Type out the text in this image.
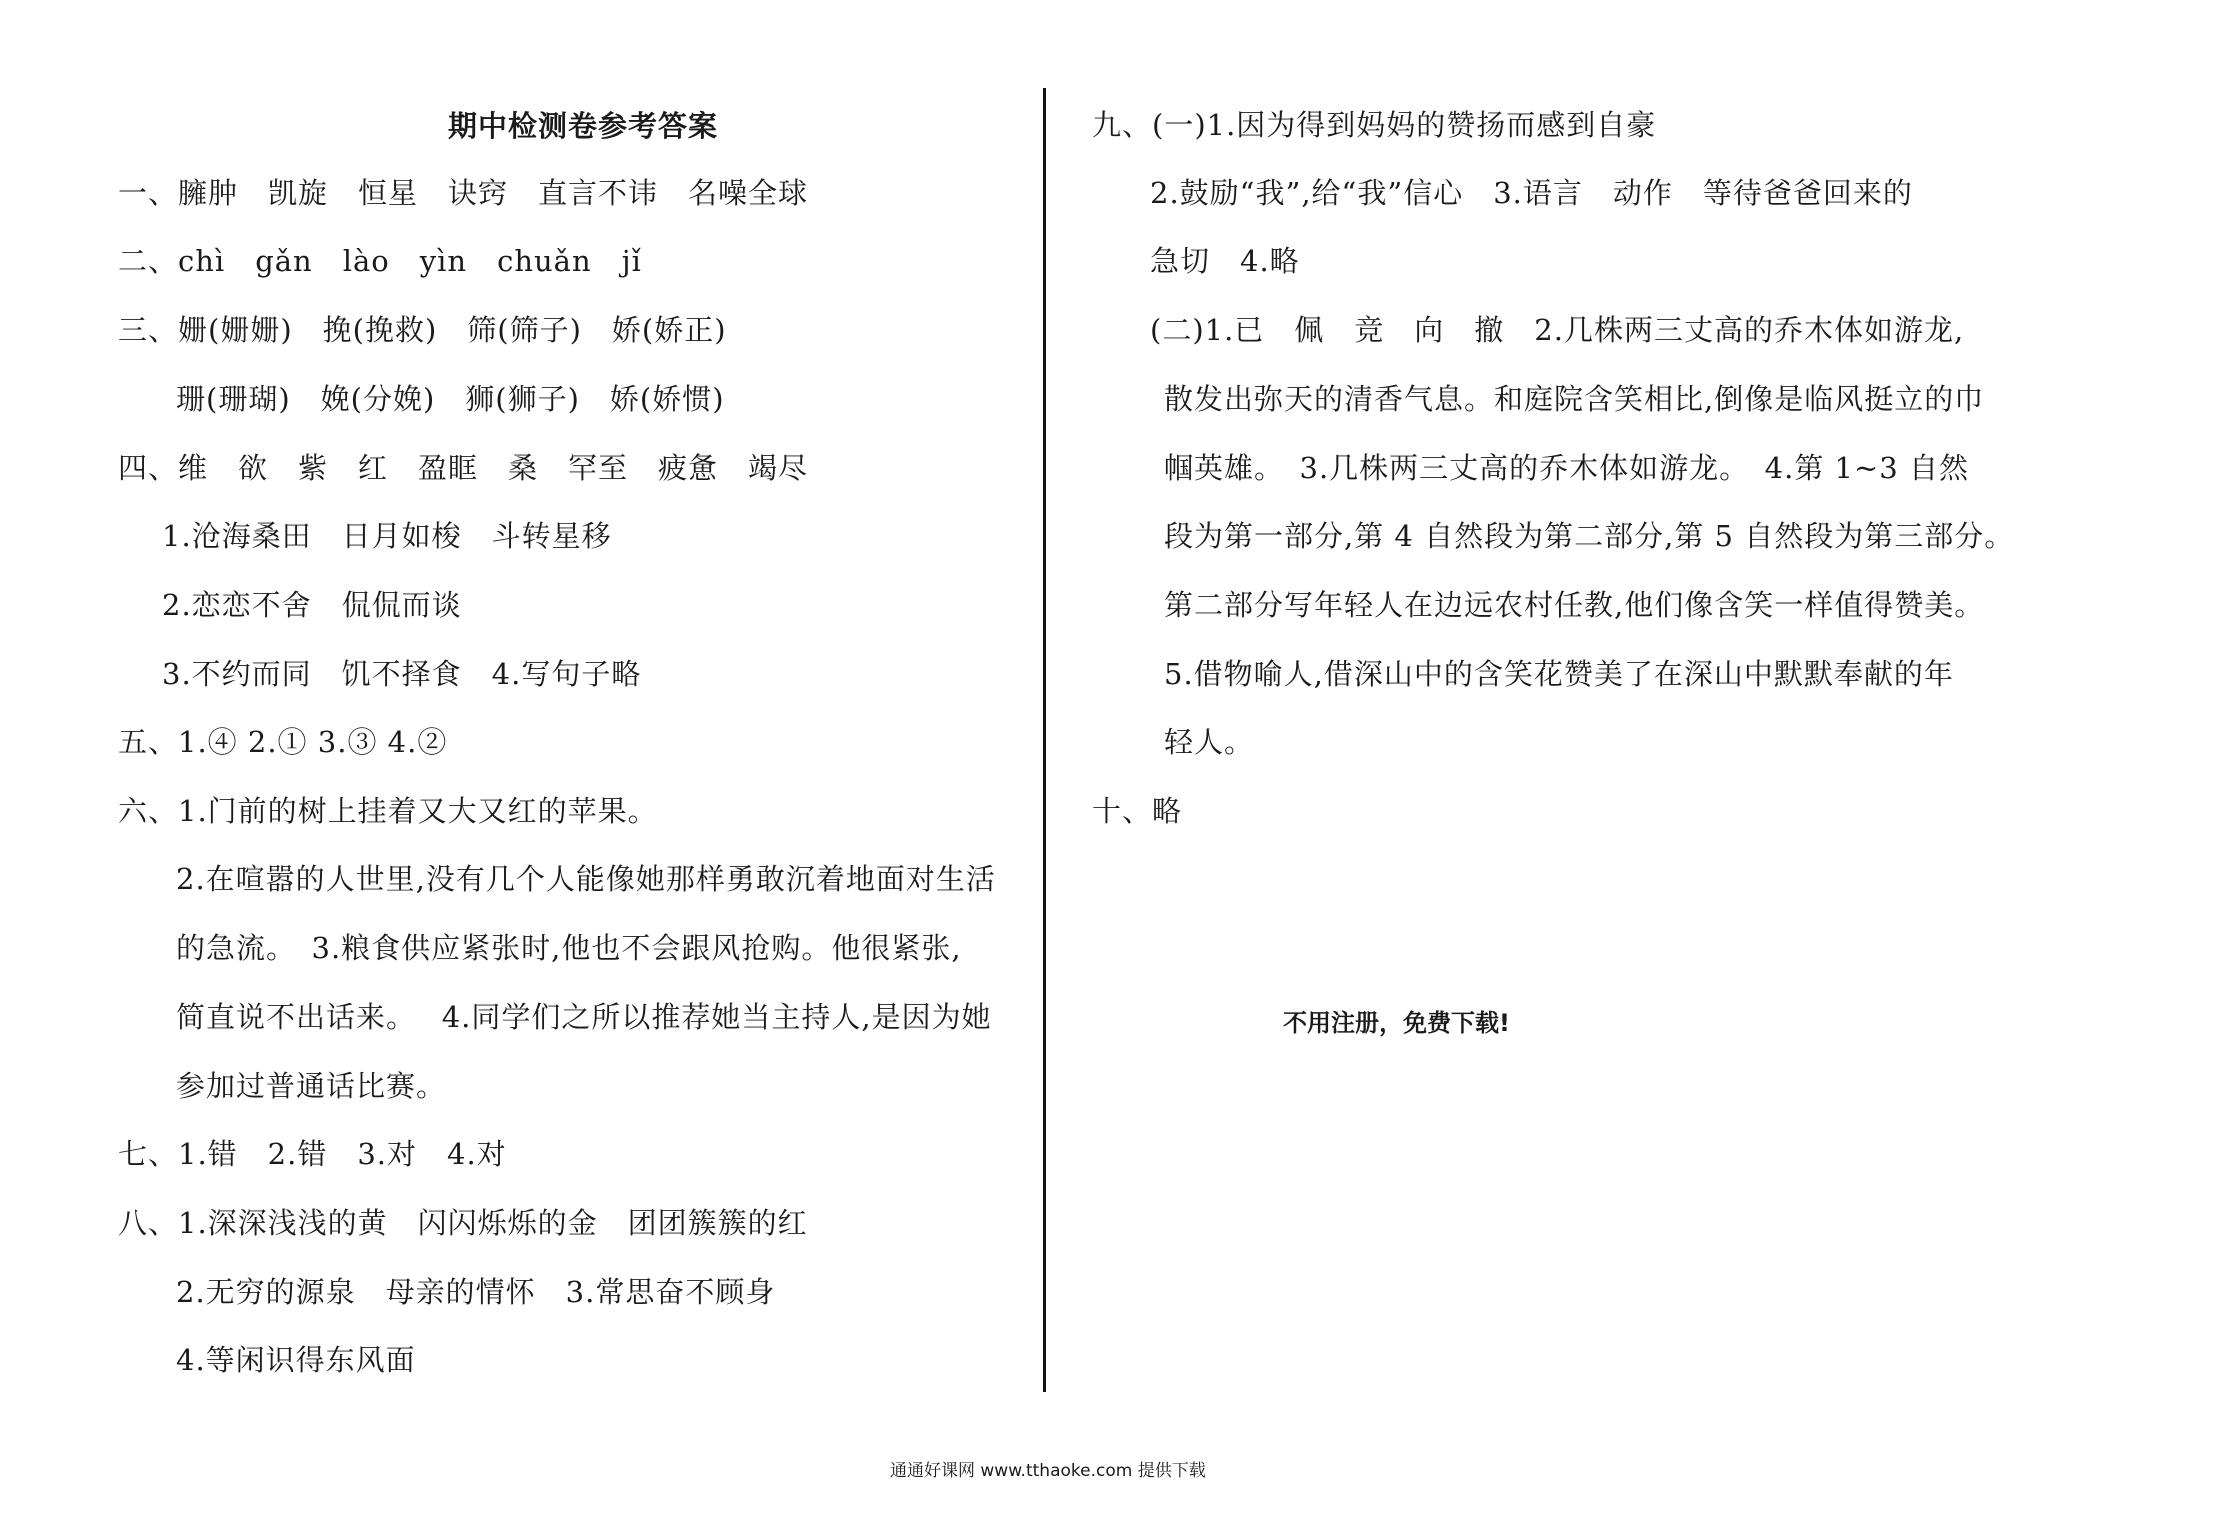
期中检测卷参考答案
一、臃肿　凯旋　恒星　诀窍　直言不讳　名噪全球
二、chì　gǎn　lào　yìn　chuǎn　jǐ
三、姗(姗姗)　挽(挽救)　筛(筛子)　娇(娇正)
珊(珊瑚)　娩(分娩)　狮(狮子)　娇(娇惯)
四、维　欲　紫　红　盈眶　桑　罕至　疲惫　竭尽
1.沧海桑田　日月如梭　斗转星移
2.恋恋不舍　侃侃而谈
3.不约而同　饥不择食　4.写句子略
五、1.④ 2.① 3.③ 4.②
六、1.门前的树上挂着又大又红的苹果。
2.在喧嚣的人世里,没有几个人能像她那样勇敢沉着地面对生活
的急流。　3.粮食供应紧张时,他也不会跟风抢购。他很紧张,
简直说不出话来。　 4.同学们之所以推荐她当主持人,是因为她
参加过普通话比赛。
七、1.错　2.错　3.对　4.对
八、1.深深浅浅的黄　闪闪烁烁的金　团团簇簇的红
2.无穷的源泉　母亲的情怀　3.常思奋不顾身
4.等闲识得东风面
九、(一)1.因为得到妈妈的赞扬而感到自豪
2.鼓励“我”,给“我”信心　3.语言　动作　等待爸爸回来的
急切　4.略
(二)1.已　佩　竞　向　撤　2.几株两三丈高的乔木体如游龙,
散发出弥天的清香气息。和庭院含笑相比,倒像是临风挺立的巾
帼英雄。　3.几株两三丈高的乔木体如游龙。　4.第 1~3 自然
段为第一部分,第 4 自然段为第二部分,第 5 自然段为第三部分。
第二部分写年轻人在边远农村任教,他们像含笑一样值得赞美。
5.借物喻人,借深山中的含笑花赞美了在深山中默默奉献的年
轻人。
十、略
不用注册，免费下载!
通通好课网 www.tthaoke.com 提供下载
